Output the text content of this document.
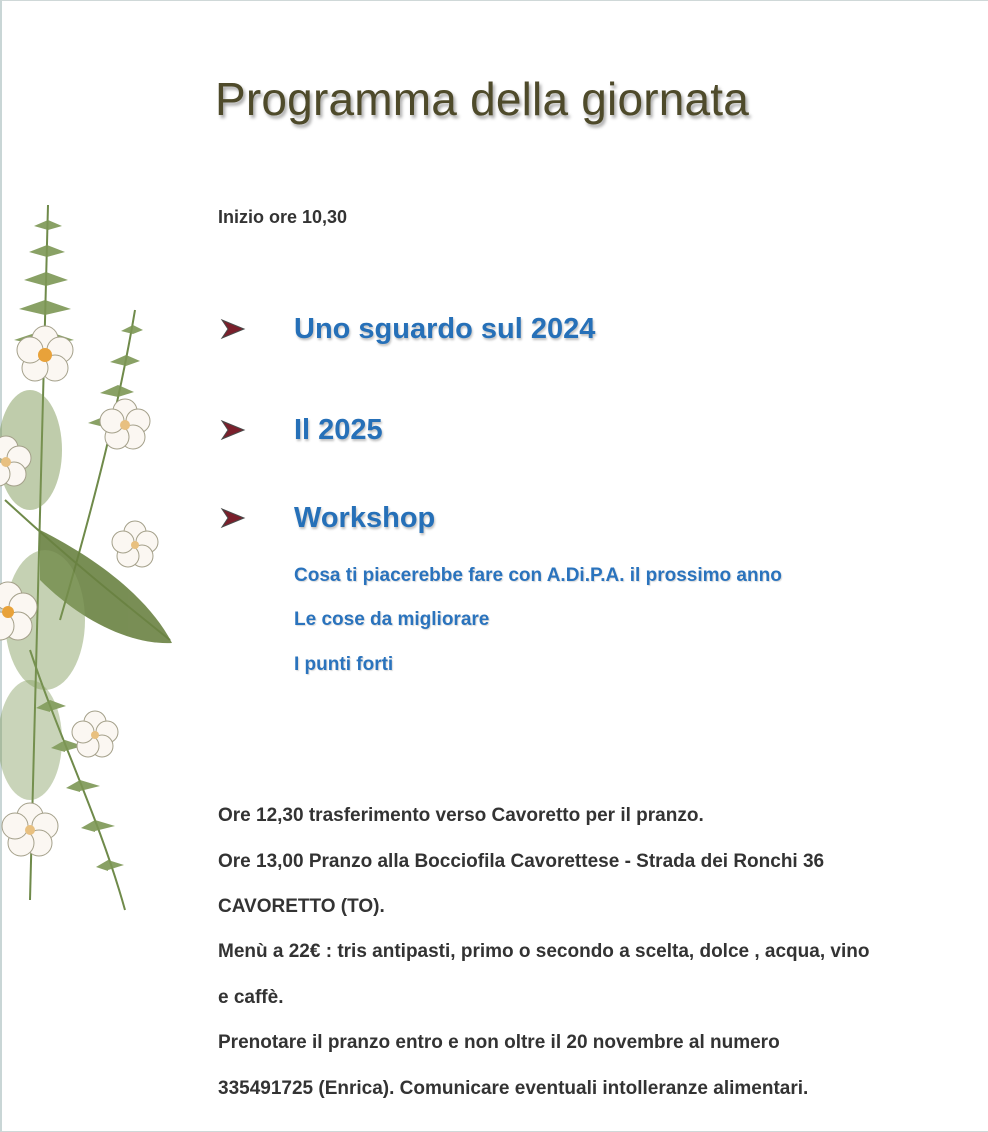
Programma della giornata
Inizio ore 10,30
Uno sguardo sul 2024
Il 2025
Workshop
Cosa ti piacerebbe fare con A.Di.P.A. il prossimo anno
Le cose da migliorare
I punti forti
Ore 12,30 trasferimento verso Cavoretto per il pranzo.
Ore 13,00 Pranzo alla Bocciofila Cavorettese - Strada dei Ronchi 36
CAVORETTO (TO).
Menù a 22€ : tris antipasti, primo o secondo a scelta, dolce , acqua, vino
e caffè.
Prenotare il pranzo entro e non oltre il 20 novembre al numero
335491725 (Enrica). Comunicare eventuali intolleranze alimentari.
